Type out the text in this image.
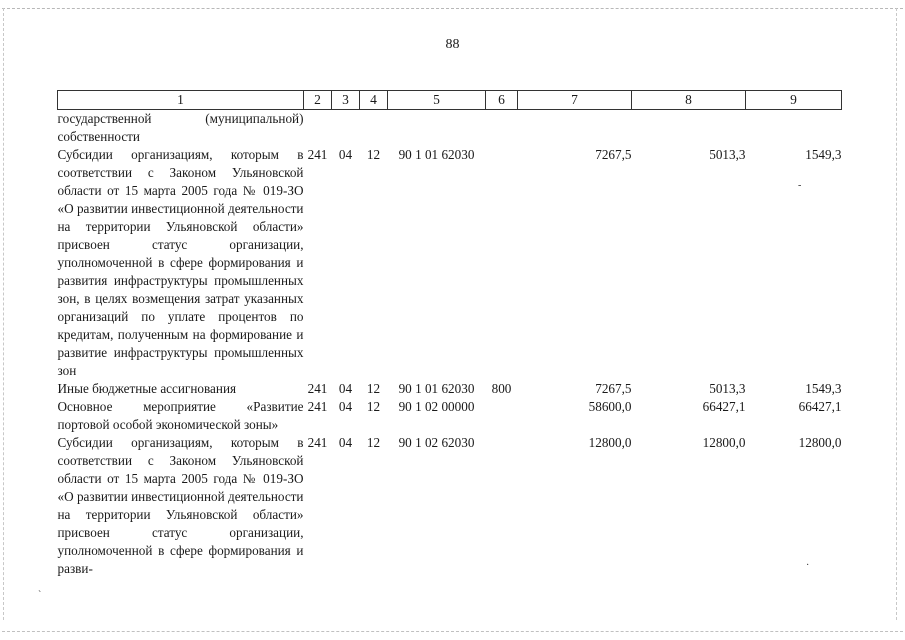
88
1	2	3	4	5	6	7	8	9
государственной (муниципальной) собственности								
Субсидии организациям, которым в соответствии с Законом Ульяновской области от 15 марта 2005 года № 019-ЗО «О развитии инвестиционной деятельности на территории Ульяновской области» присвоен статус организации, уполномоченной в сфере формирования и развития инфраструктуры промышленных зон, в целях возмещения затрат указанных организаций по уплате процентов по кредитам, полученным на формирование и развитие инфраструктуры промышленных зон	241	04	12	90 1 01 62030		7267,5	5013,3	1549,3
Иные бюджетные ассигнования	241	04	12	90 1 01 62030	800	7267,5	5013,3	1549,3
Основное мероприятие «Развитие портовой особой экономической зоны»	241	04	12	90 1 02 00000		58600,0	66427,1	66427,1
Субсидии организациям, которым в соответствии с Законом Ульяновской области от 15 марта 2005 года № 019-ЗО «О развитии инвестиционной деятельности на территории Ульяновской области» присвоен статус организации, уполномоченной в сфере формирования и разви-	241	04	12	90 1 02 62030		12800,0	12800,0	12800,0
-
`
·
